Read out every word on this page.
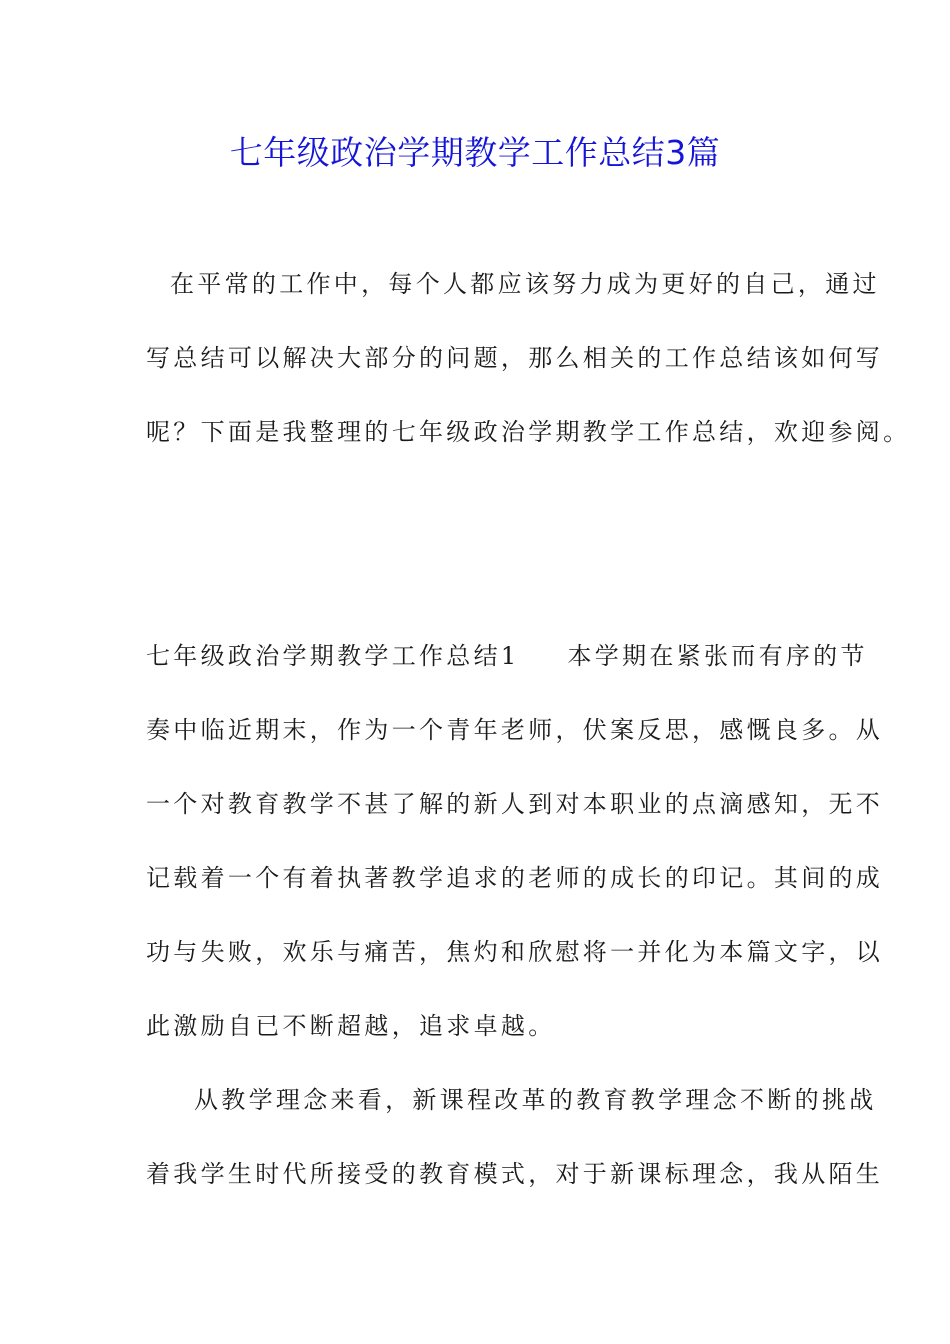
七年级政治学期教学工作总结3篇

在平常的工作中，每个人都应该努力成为更好的自己，通过

写总结可以解决大部分的问题，那么相关的工作总结该如何写

呢？下面是我整理的七年级政治学期教学工作总结，欢迎参阅。

七年级政治学期教学工作总结1 本学期在紧张而有序的节

奏中临近期末，作为一个青年老师，伏案反思，感慨良多。从

一个对教育教学不甚了解的新人到对本职业的点滴感知，无不

记载着一个有着执著教学追求的老师的成长的印记。其间的成

功与失败，欢乐与痛苦，焦灼和欣慰将一并化为本篇文字，以

此激励自已不断超越，追求卓越。

从教学理念来看，新课程改革的教育教学理念不断的挑战

着我学生时代所接受的教育模式，对于新课标理念，我从陌生
